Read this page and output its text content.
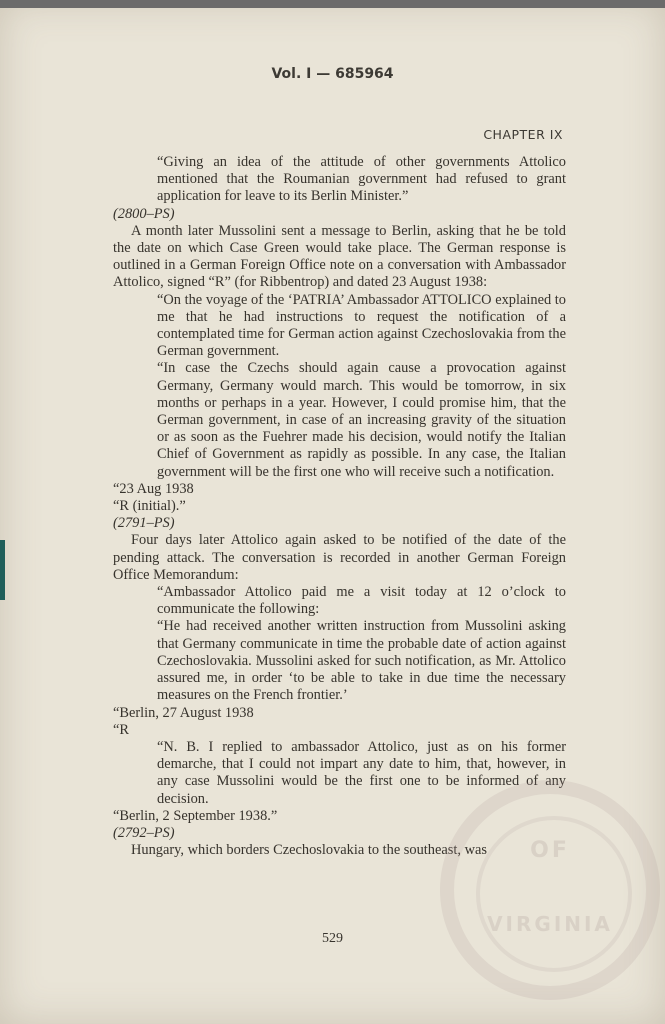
Vol. I — 685964
CHAPTER IX

“Giving an idea of the attitude of other governments Attolico mentioned that the Roumanian government had refused to grant application for leave to its Berlin Minister.”

(2800–PS)

A month later Mussolini sent a message to Berlin, asking that he be told the date on which Case Green would take place. The German response is outlined in a German Foreign Office note on a conversation with Ambassador Attolico, signed “R” (for Ribbentrop) and dated 23 August 1938:

“On the voyage of the ‘PATRIA’ Ambassador ATTOLICO explained to me that he had instructions to request the notification of a contemplated time for German action against Czechoslovakia from the German government.

“In case the Czechs should again cause a provocation against Germany, Germany would march. This would be tomorrow, in six months or perhaps in a year. However, I could promise him, that the German government, in case of an increasing gravity of the situation or as soon as the Fuehrer made his decision, would notify the Italian Chief of Government as rapidly as possible. In any case, the Italian government will be the first one who will receive such a notification.

“23 Aug 1938

“R (initial).”

(2791–PS)

Four days later Attolico again asked to be notified of the date of the pending attack. The conversation is recorded in another German Foreign Office Memorandum:

“Ambassador Attolico paid me a visit today at 12 o’clock to communicate the following:

“He had received another written instruction from Mussolini asking that Germany communicate in time the probable date of action against Czechoslovakia. Mussolini asked for such notification, as Mr. Attolico assured me, in order ‘to be able to take in due time the necessary measures on the French frontier.’

“Berlin, 27 August 1938

“R

“N. B. I replied to ambassador Attolico, just as on his former demarche, that I could not impart any date to him, that, however, in any case Mussolini would be the first one to be informed of any decision.

“Berlin, 2 September 1938.”

(2792–PS)

Hungary, which borders Czechoslovakia to the southeast, was

529
OF
VIRGINIA
